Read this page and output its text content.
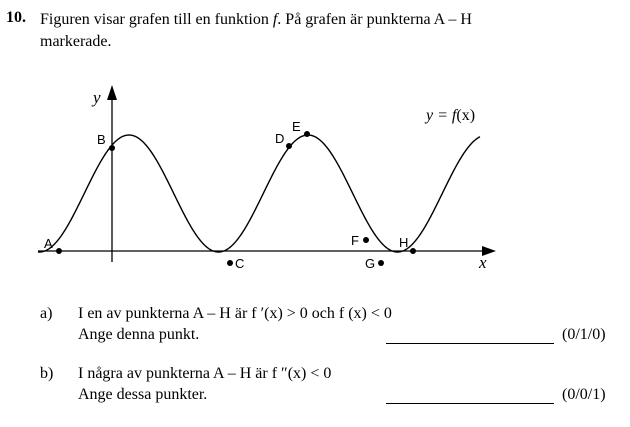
10. Figuren visar grafen till en funktion f. På grafen är punkterna A – H
markerade.
y
x
y = f(x)
A
B
C
D
E
F
G
H
a) I en av punkterna A – H är f ′(x) > 0 och f (x) < 0
Ange denna punkt.	(0/1/0)
b) I några av punkterna A – H är f ″(x) < 0
Ange dessa punkter.	(0/0/1)
